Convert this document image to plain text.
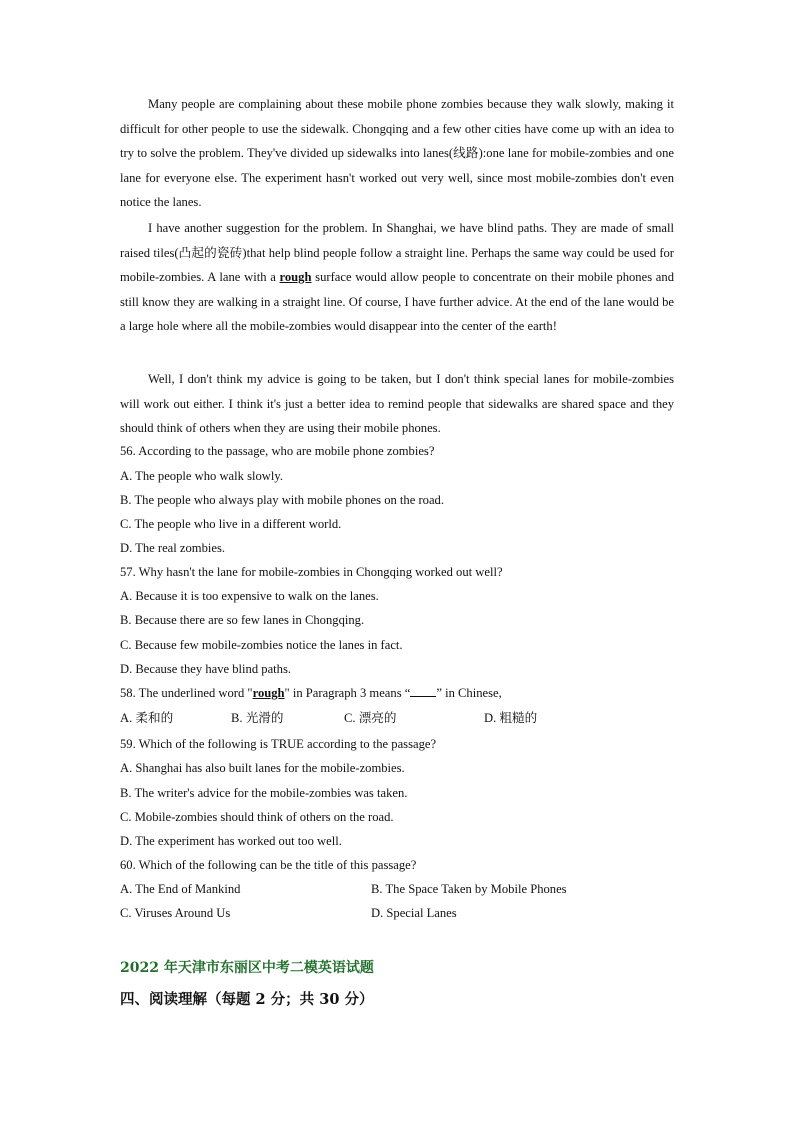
Many people are complaining about these mobile phone zombies because they walk slowly, making it difficult for other people to use the sidewalk. Chongqing and a few other cities have come up with an idea to try to solve the problem. They've divided up sidewalks into lanes(线路):one lane for mobile-zombies and one lane for everyone else. The experiment hasn't worked out very well, since most mobile-zombies don't even notice the lanes.

I have another suggestion for the problem. In Shanghai, we have blind paths. They are made of small raised tiles(凸起的瓷砖)that help blind people follow a straight line. Perhaps the same way could be used for mobile-zombies. A lane with a rough surface would allow people to concentrate on their mobile phones and still know they are walking in a straight line. Of course, I have further advice. At the end of the lane would be a large hole where all the mobile-zombies would disappear into the center of the earth!

Well, I don't think my advice is going to be taken, but I don't think special lanes for mobile-zombies will work out either. I think it's just a better idea to remind people that sidewalks are shared space and they should think of others when they are using their mobile phones.

56. According to the passage, who are mobile phone zombies?
A. The people who walk slowly.
B. The people who always play with mobile phones on the road.
C. The people who live in a different world.
D. The real zombies.
57. Why hasn't the lane for mobile-zombies in Chongqing worked out well?
A. Because it is too expensive to walk on the lanes.
B. Because there are so few lanes in Chongqing.
C. Because few mobile-zombies notice the lanes in fact.
D. Because they have blind paths.
58. The underlined word "rough" in Paragraph 3 means “ ” in Chinese,
A. 柔和的	B. 光滑的	C. 漂亮的	D. 粗糙的
59. Which of the following is TRUE according to the passage?
A. Shanghai has also built lanes for the mobile-zombies.
B. The writer's advice for the mobile-zombies was taken.
C. Mobile-zombies should think of others on the road.
D. The experiment has worked out too well.
60. Which of the following can be the title of this passage?
A. The End of Mankind	B. The Space Taken by Mobile Phones
C. Viruses Around Us	D. Special Lanes
2022 年天津市东丽区中考二模英语试题
四、阅读理解（每题 2 分；共 30 分）
